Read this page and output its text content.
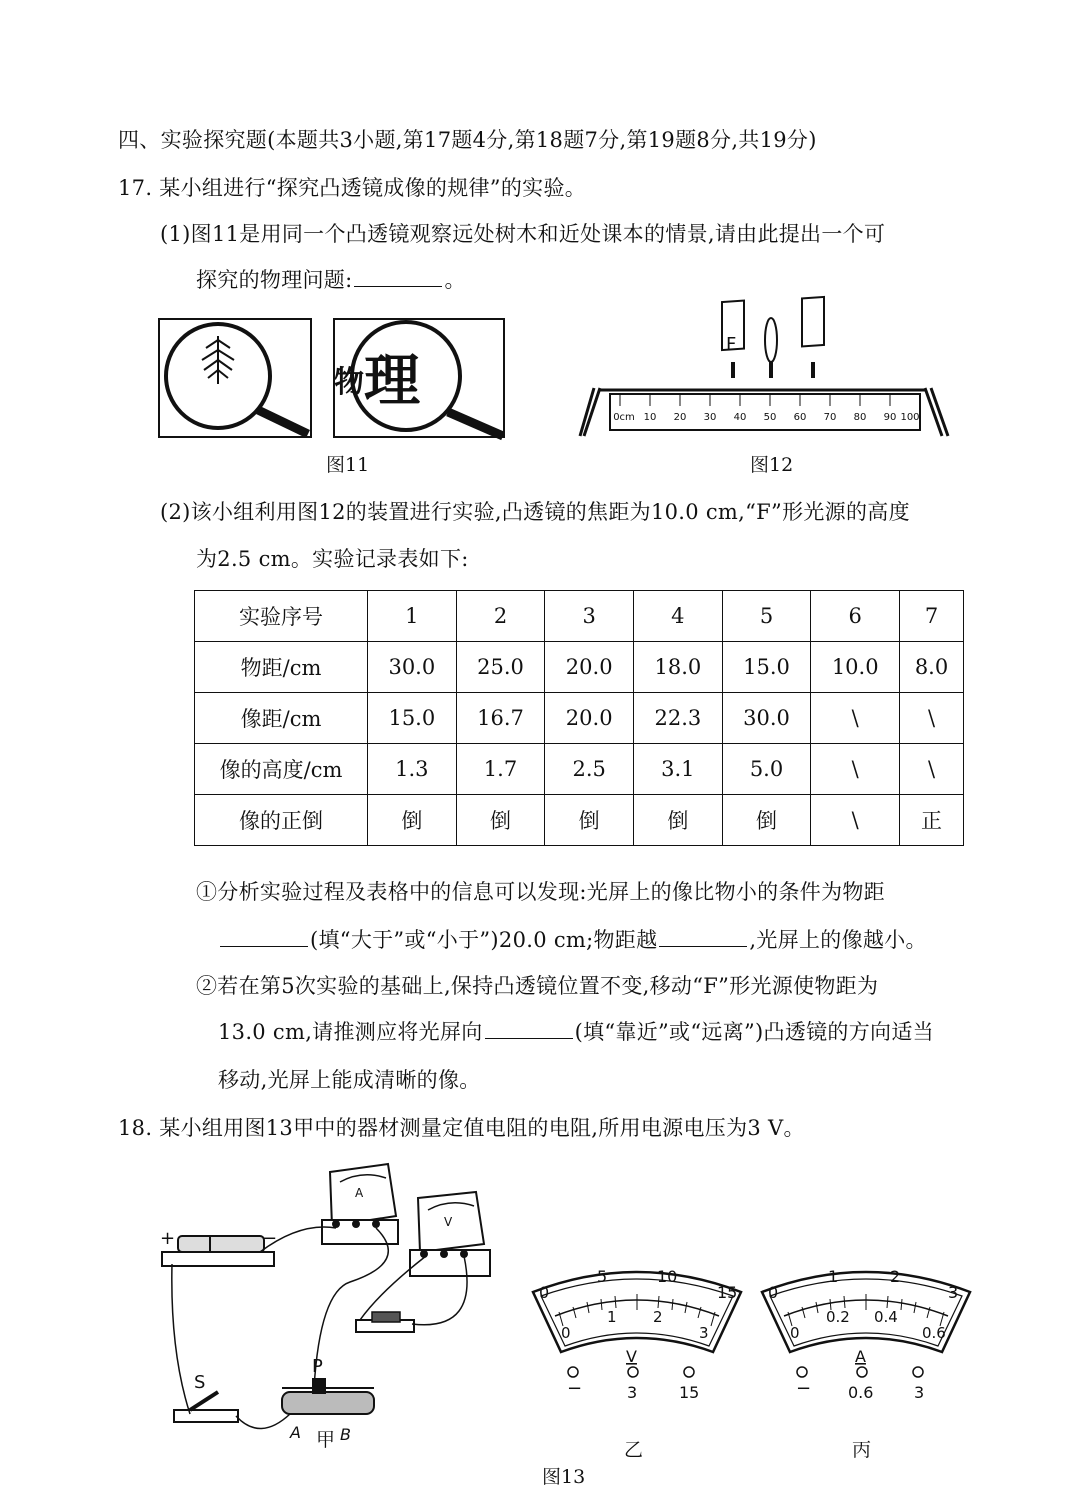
四、实验探究题(本题共3小题,第17题4分,第18题7分,第19题8分,共19分)
17. 某小组进行“探究凸透镜成像的规律”的实验。
(1)图11是用同一个凸透镜观察远处树木和近处课本的情景,请由此提出一个可
探究的物理问题:	。
物 理
图11
F
0cm 10 20 30 40 50 60 70 80 90 100
图12
(2)该小组利用图12的装置进行实验,凸透镜的焦距为10.0 cm,“F”形光源的高度
为2.5 cm。实验记录表如下:
实验序号	1	2	3	4	5	6	7
物距/cm	30.0	25.0	20.0	18.0	15.0	10.0	8.0
像距/cm	15.0	16.7	20.0	22.3	30.0	\	\
像的高度/cm	1.3	1.7	2.5	3.1	5.0	\	\
像的正倒	倒	倒	倒	倒	倒	\	正
①分析实验过程及表格中的信息可以发现:光屏上的像比物小的条件为物距
(填“大于”或“小于”)20.0 cm;物距越	,光屏上的像越小。
②若在第5次实验的基础上,保持凸透镜位置不变,移动“F”形光源使物距为
13.0 cm,请推测应将光屏向	(填“靠近”或“远离”)凸透镜的方向适当
移动,光屏上能成清晰的像。
18. 某小组用图13甲中的器材测量定值电阻的电阻,所用电源电压为3 V。
+	−
A
V
S
P
A B
甲
0
5	10
15
0
1 2
3
V
−	3	15
乙
0
1	2
3
0
0.2 0.4
0.6
A
− 0.6	3
丙
图13
